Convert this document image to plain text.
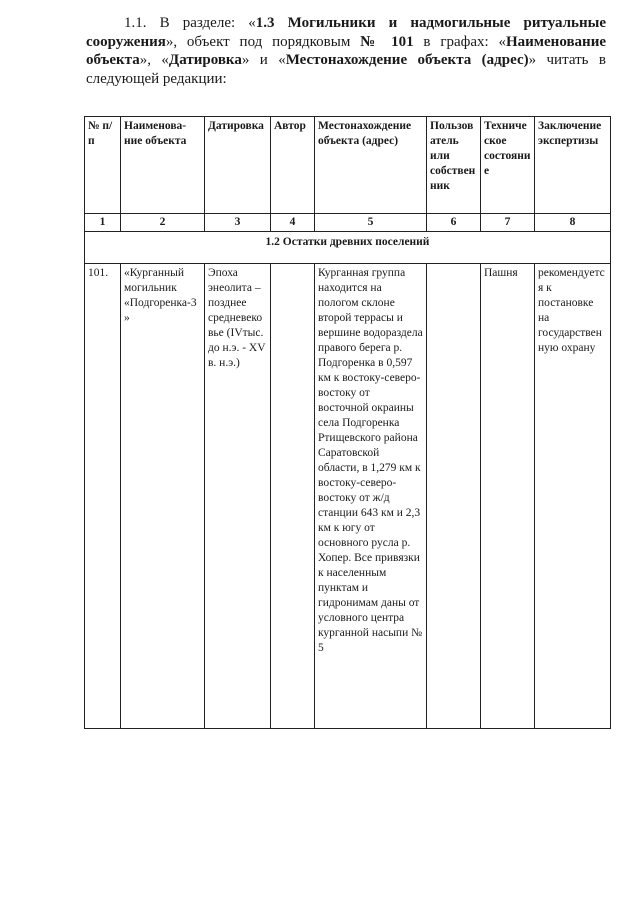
1.1. В разделе: «1.3 Могильники и надмогильные ритуальные сооружения», объект под порядковым № 101 в графах: «Наименование объекта», «Датировка» и «Местонахождение объекта (адрес)» читать в следующей редакции:

№ п/п	Наименова-ние объекта	Датировка	Автор	Местонахождение объекта (адрес)	Пользователь или собственник	Техническое состояние	Заключение экспертизы
1	2	3	4	5	6	7	8
1.2 Остатки древних поселений							
101.	«Курганный могильник «Подгоренка-3»	Эпоха энеолита – позднее средневековье (IVтыс. до н.э. - XV в. н.э.)		Курганная группа находится на пологом склоне второй террасы и вершине водораздела правого берега р. Подгоренка в 0,597 км к востоку-северо-востоку от восточной окраины села Подгоренка Ртищевского района Саратовской области, в 1,279 км к востоку-северо-востоку от ж/д станции 643 км и 2,3 км к югу от основного русла р. Хопер. Все привязки к населенным пунктам и гидронимам даны от условного центра курганной насыпи № 5		Пашня	рекомендуется к постановке на государственную охрану
